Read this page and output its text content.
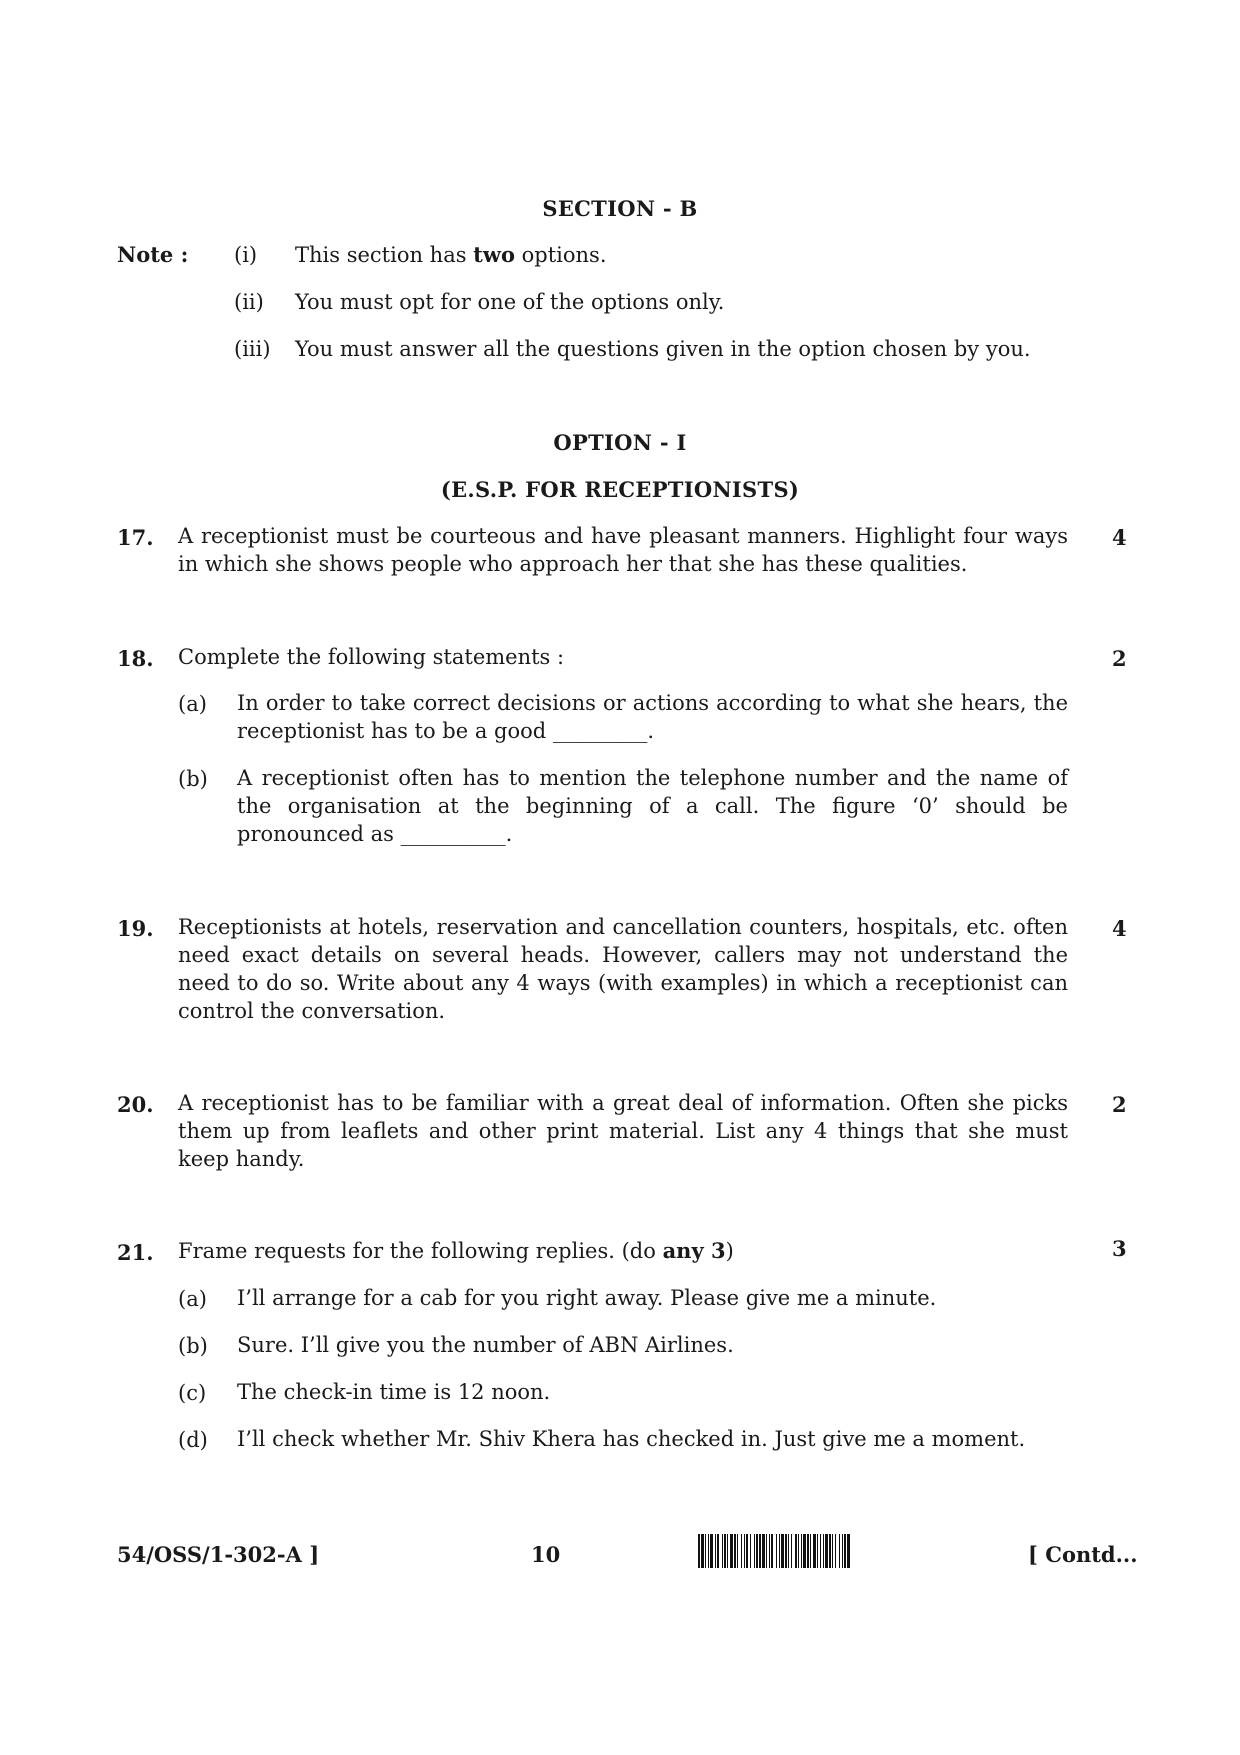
SECTION - B
Note : (i) This section has two options.
(ii) You must opt for one of the options only.
(iii) You must answer all the questions given in the option chosen by you.
OPTION - I
(E.S.P. FOR RECEPTIONISTS)
17. A receptionist must be courteous and have pleasant manners. Highlight four ways in which she shows people who approach her that she has these qualities.
4
18. Complete the following statements :	2
(a) In order to take correct decisions or actions according to what she hears, the receptionist has to be a good _________.
(b) A receptionist often has to mention the telephone number and the name of the organisation at the beginning of a call. The figure ‘0’ should be pronounced as __________.
19. Receptionists at hotels, reservation and cancellation counters, hospitals, etc. often need exact details on several heads. However, callers may not understand the need to do so. Write about any 4 ways (with examples) in which a receptionist can control the conversation.
4
20. A receptionist has to be familiar with a great deal of information. Often she picks them up from leaflets and other print material. List any 4 things that she must keep handy.
2
21. Frame requests for the following replies. (do any 3)	3
(a) I’ll arrange for a cab for you right away. Please give me a minute.
(b) Sure. I’ll give you the number of ABN Airlines.
(c) The check-in time is 12 noon.
(d) I’ll check whether Mr. Shiv Khera has checked in. Just give me a moment.
54/OSS/1-302-A ]	10	[ Contd...
